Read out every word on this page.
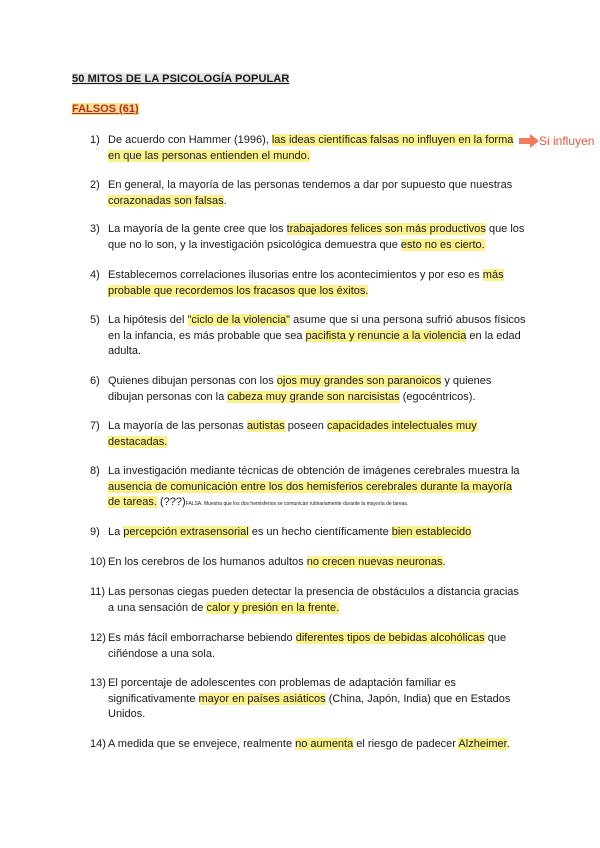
50 MITOS DE LA PSICOLOGÍA POPULAR
FALSOS (61)
Si influyen
1) De acuerdo con Hammer (1996), las ideas científicas falsas no influyen en la forma en que las personas entienden el mundo.
2) En general, la mayoría de las personas tendemos a dar por supuesto que nuestras corazonadas son falsas.
3) La mayoría de la gente cree que los trabajadores felices son más productivos que los que no lo son, y la investigación psicológica demuestra que esto no es cierto.
4) Establecemos correlaciones ilusorias entre los acontecimientos y por eso es más probable que recordemos los fracasos que los éxitos.
5) La hipótesis del "ciclo de la violencia" asume que si una persona sufrió abusos físicos en la infancia, es más probable que sea pacifista y renuncie a la violencia en la edad adulta.
6) Quienes dibujan personas con los ojos muy grandes son paranoicos y quienes dibujan personas con la cabeza muy grande son narcisistas (egocéntricos).
7) La mayoría de las personas autistas poseen capacidades intelectuales muy destacadas.
8) La investigación mediante técnicas de obtención de imágenes cerebrales muestra la ausencia de comunicación entre los dos hemisferios cerebrales durante la mayoría de tareas. (???)FALSA. Muestra que los dos hemisferios se comunican rutinariamente durante la mayoría de tareas.
9) La percepción extrasensorial es un hecho científicamente bien establecido
10) En los cerebros de los humanos adultos no crecen nuevas neuronas.
11) Las personas ciegas pueden detectar la presencia de obstáculos a distancia gracias a una sensación de calor y presión en la frente.
12) Es más fácil emborracharse bebiendo diferentes tipos de bebidas alcohólicas que ciñéndose a una sola.
13) El porcentaje de adolescentes con problemas de adaptación familiar es significativamente mayor en países asiáticos (China, Japón, India) que en Estados Unidos.
14) A medida que se envejece, realmente no aumenta el riesgo de padecer Alzheimer.
